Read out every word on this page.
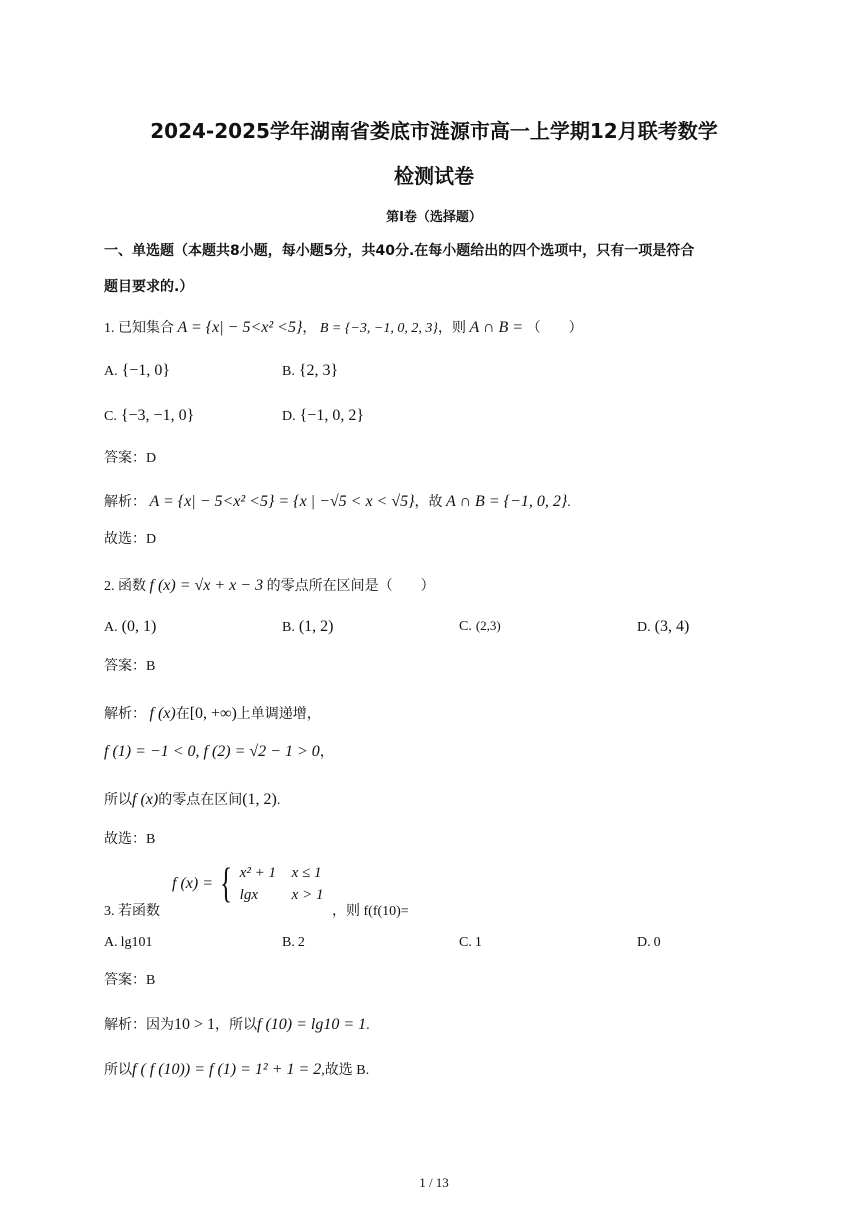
2024-2025学年湖南省娄底市涟源市高一上学期12月联考数学
检测试卷
第I卷（选择题）
一、单选题（本题共8小题，每小题5分，共40分.在每小题给出的四个选项中，只有一项是符合
题目要求的.）
1. 已知集合 A = {x| − 5<x² <5}， B = {−3, −1, 0, 2, 3}，则 A ∩ B = （　　）
A. {−1, 0}	B. {2, 3}
C. {−3, −1, 0}	D. {−1, 0, 2}
答案：D
解析： A = {x| − 5<x² <5} = {x | −√5 < x < √5}，故 A ∩ B = {−1, 0, 2}.
故选：D
2. 函数 f (x) = √x + x − 3 的零点所在区间是（　　）
A. (0, 1)	B. (1, 2)	C. (2,3)	D. (3, 4)
答案：B
解析： f (x)在[0, +∞)上单调递增，
f (1) = −1 < 0, f (2) = √2 − 1 > 0，
所以f (x)的零点在区间(1, 2).
故选：B
3. 若函数
f (x) = { x² + 1 x ≤ 1
lgx x > 1
，则 f(f(10)=
A. lg101	B. 2	C. 1	D. 0
答案：B
解析：因为10 > 1，所以f (10) = lg10 = 1.
所以f ( f (10)) = f (1) = 1² + 1 = 2,故选 B.
1 / 13
